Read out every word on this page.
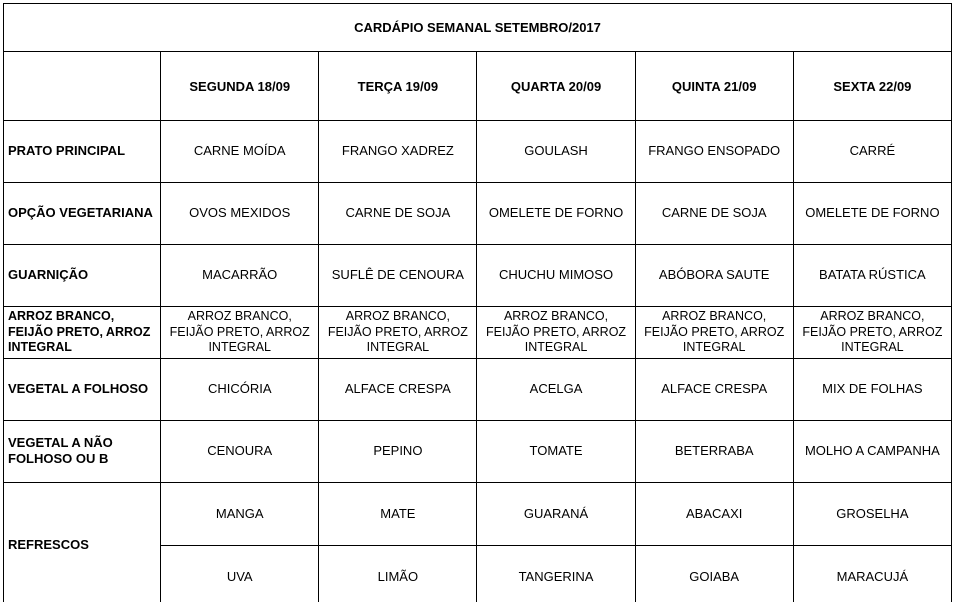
CARDÁPIO SEMANAL SETEMBRO/2017					
	SEGUNDA 18/09	TERÇA 19/09	QUARTA 20/09	QUINTA 21/09	SEXTA 22/09
PRATO PRINCIPAL	CARNE MOÍDA	FRANGO XADREZ	GOULASH	FRANGO ENSOPADO	CARRÉ
OPÇÃO VEGETARIANA	OVOS MEXIDOS	CARNE DE SOJA	OMELETE DE FORNO	CARNE DE SOJA	OMELETE DE FORNO
GUARNIÇÃO	MACARRÃO	SUFLÊ DE CENOURA	CHUCHU MIMOSO	ABÓBORA SAUTE	BATATA RÚSTICA
ARROZ BRANCO, FEIJÃO PRETO, ARROZ INTEGRAL	ARROZ BRANCO, FEIJÃO PRETO, ARROZ INTEGRAL	ARROZ BRANCO, FEIJÃO PRETO, ARROZ INTEGRAL	ARROZ BRANCO, FEIJÃO PRETO, ARROZ INTEGRAL	ARROZ BRANCO, FEIJÃO PRETO, ARROZ INTEGRAL	ARROZ BRANCO, FEIJÃO PRETO, ARROZ INTEGRAL
VEGETAL A FOLHOSO	CHICÓRIA	ALFACE CRESPA	ACELGA	ALFACE CRESPA	MIX DE FOLHAS
VEGETAL A NÃO FOLHOSO OU B	CENOURA	PEPINO	TOMATE	BETERRABA	MOLHO A CAMPANHA
REFRESCOS	MANGA	MATE	GUARANÁ	ABACAXI	GROSELHA
	UVA	LIMÃO	TANGERINA	GOIABA	MARACUJÁ
